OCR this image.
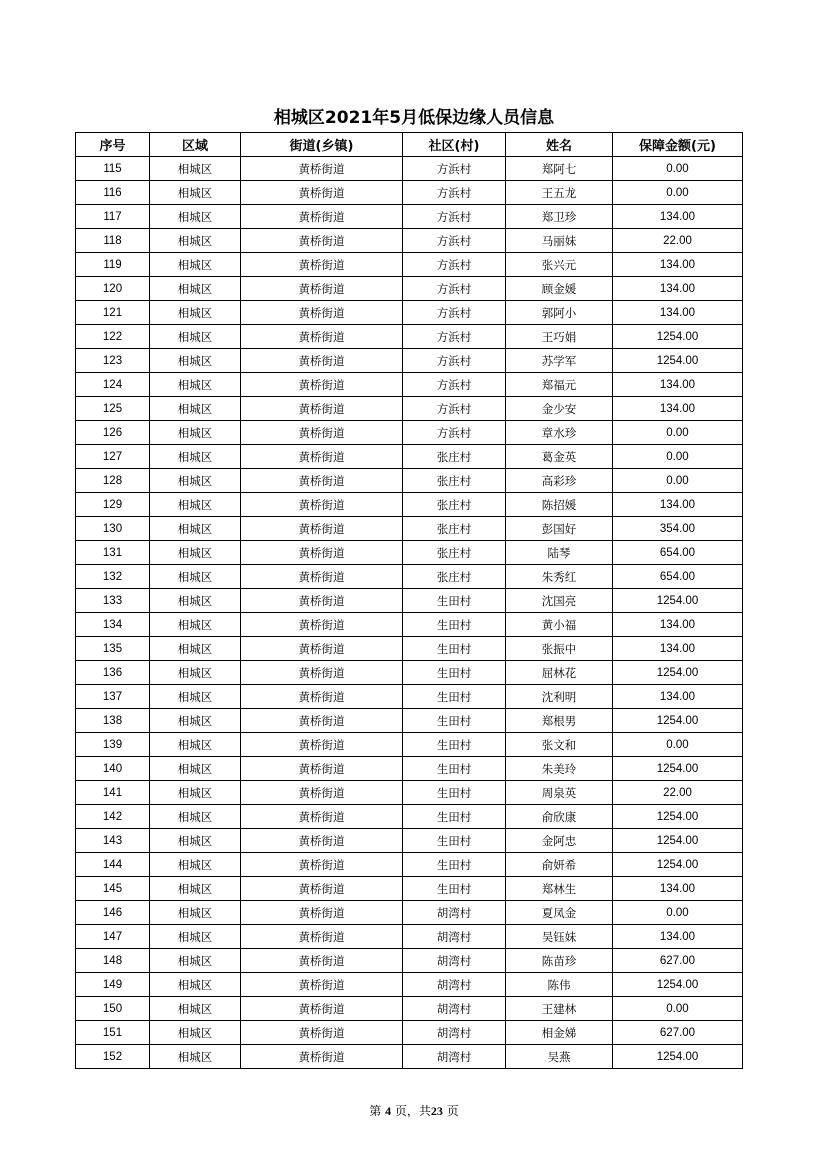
相城区2021年5月低保边缘人员信息
序号	区域	街道(乡镇)	社区(村)	姓名	保障金额(元)
115	相城区	黄桥街道	方浜村	郑阿七	0.00
116	相城区	黄桥街道	方浜村	王五龙	0.00
117	相城区	黄桥街道	方浜村	郑卫珍	134.00
118	相城区	黄桥街道	方浜村	马丽妹	22.00
119	相城区	黄桥街道	方浜村	张兴元	134.00
120	相城区	黄桥街道	方浜村	顾金媛	134.00
121	相城区	黄桥街道	方浜村	郭阿小	134.00
122	相城区	黄桥街道	方浜村	王巧娟	1254.00
123	相城区	黄桥街道	方浜村	苏学军	1254.00
124	相城区	黄桥街道	方浜村	郑福元	134.00
125	相城区	黄桥街道	方浜村	金少安	134.00
126	相城区	黄桥街道	方浜村	章水珍	0.00
127	相城区	黄桥街道	张庄村	葛金英	0.00
128	相城区	黄桥街道	张庄村	高彩珍	0.00
129	相城区	黄桥街道	张庄村	陈招媛	134.00
130	相城区	黄桥街道	张庄村	彭国好	354.00
131	相城区	黄桥街道	张庄村	陆琴	654.00
132	相城区	黄桥街道	张庄村	朱秀红	654.00
133	相城区	黄桥街道	生田村	沈国亮	1254.00
134	相城区	黄桥街道	生田村	黄小福	134.00
135	相城区	黄桥街道	生田村	张振中	134.00
136	相城区	黄桥街道	生田村	屈林花	1254.00
137	相城区	黄桥街道	生田村	沈利明	134.00
138	相城区	黄桥街道	生田村	郑根男	1254.00
139	相城区	黄桥街道	生田村	张文和	0.00
140	相城区	黄桥街道	生田村	朱美玲	1254.00
141	相城区	黄桥街道	生田村	周泉英	22.00
142	相城区	黄桥街道	生田村	俞欣康	1254.00
143	相城区	黄桥街道	生田村	金阿忠	1254.00
144	相城区	黄桥街道	生田村	俞妍希	1254.00
145	相城区	黄桥街道	生田村	郑林生	134.00
146	相城区	黄桥街道	胡湾村	夏凤金	0.00
147	相城区	黄桥街道	胡湾村	吴钰妹	134.00
148	相城区	黄桥街道	胡湾村	陈苗珍	627.00
149	相城区	黄桥街道	胡湾村	陈伟	1254.00
150	相城区	黄桥街道	胡湾村	王建林	0.00
151	相城区	黄桥街道	胡湾村	相金娣	627.00
152	相城区	黄桥街道	胡湾村	吴燕	1254.00
第 4 页，共23 页
